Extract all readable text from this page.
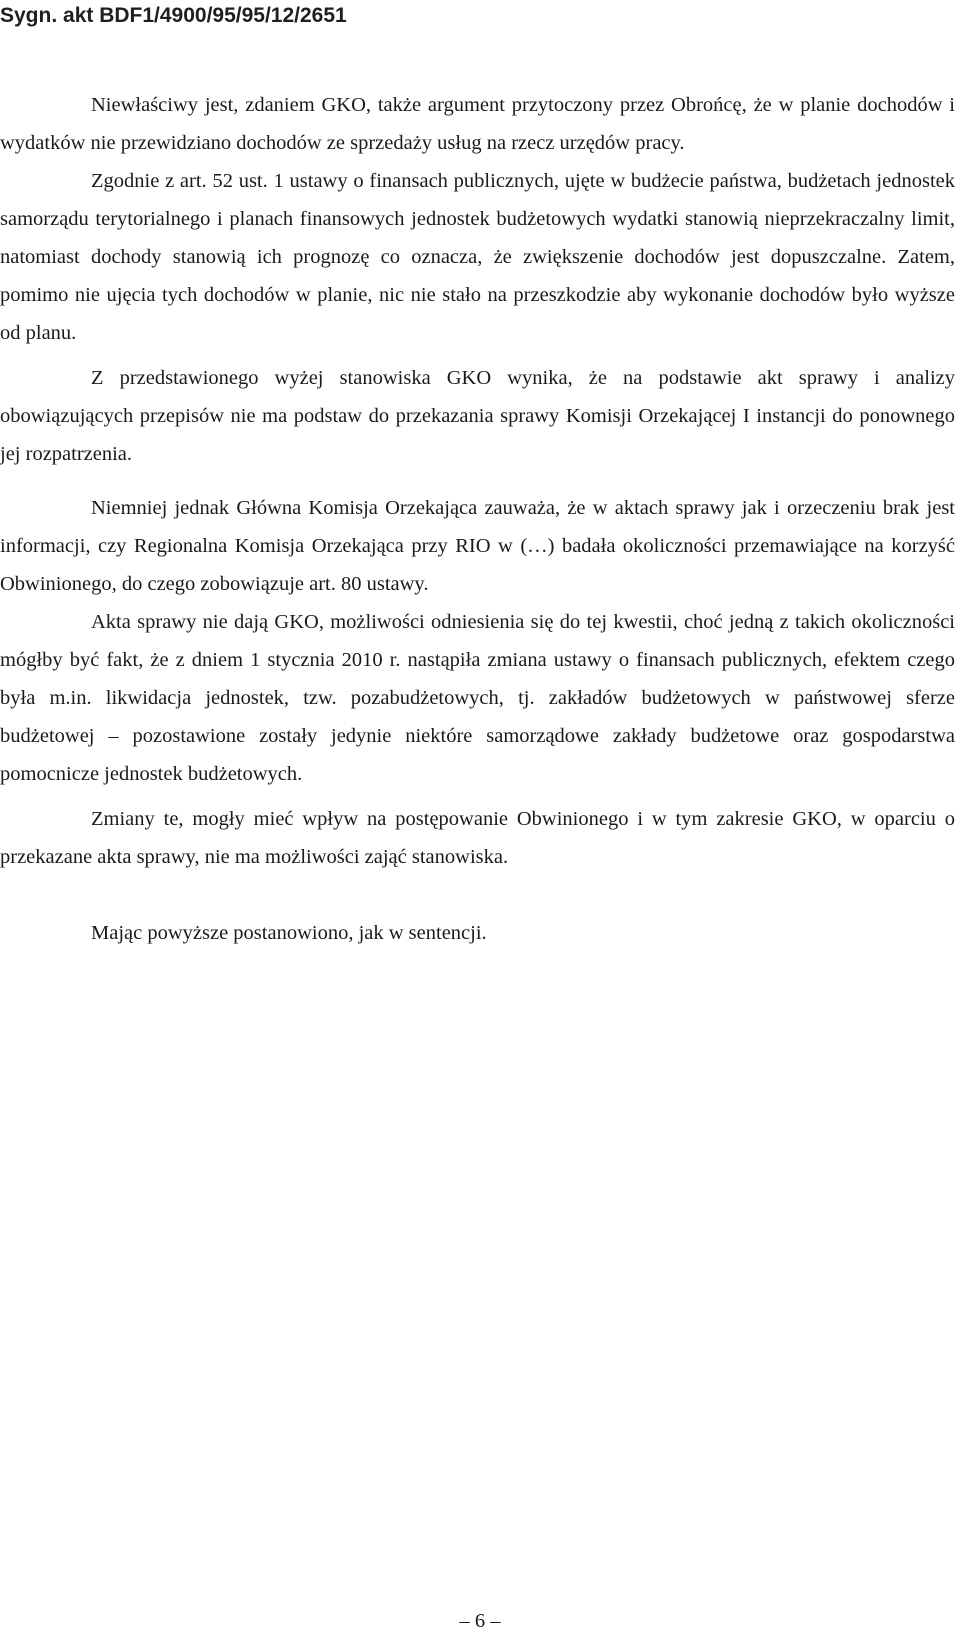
Sygn. akt BDF1/4900/95/95/12/2651

Niewłaściwy jest, zdaniem GKO, także argument przytoczony przez Obrońcę, że w planie dochodów i wydatków nie przewidziano dochodów ze sprzedaży usług na rzecz urzędów pracy.

Zgodnie z art. 52 ust. 1 ustawy o finansach publicznych, ujęte w budżecie państwa, budżetach jednostek samorządu terytorialnego i planach finansowych jednostek budżetowych wydatki stanowią nieprzekraczalny limit, natomiast dochody stanowią ich prognozę co oznacza, że zwiększenie dochodów jest dopuszczalne. Zatem, pomimo nie ujęcia tych dochodów w planie, nic nie stało na przeszkodzie aby wykonanie dochodów było wyższe od planu.

Z przedstawionego wyżej stanowiska GKO wynika, że na podstawie akt sprawy i analizy obowiązujących przepisów nie ma podstaw do przekazania sprawy Komisji Orzekającej I instancji do ponownego jej rozpatrzenia.

Niemniej jednak Główna Komisja Orzekająca zauważa, że w aktach sprawy jak i orzeczeniu brak jest informacji, czy Regionalna Komisja Orzekająca przy RIO w (…) badała okoliczności przemawiające na korzyść Obwinionego, do czego zobowiązuje art. 80 ustawy.

Akta sprawy nie dają GKO, możliwości odniesienia się do tej kwestii, choć jedną z takich okoliczności mógłby być fakt, że z dniem 1 stycznia 2010 r. nastąpiła zmiana ustawy o finansach publicznych, efektem czego była m.in. likwidacja jednostek, tzw. pozabudżetowych, tj. zakładów budżetowych w państwowej sferze budżetowej – pozostawione zostały jedynie niektóre samorządowe zakłady budżetowe oraz gospodarstwa pomocnicze jednostek budżetowych.

Zmiany te, mogły mieć wpływ na postępowanie Obwinionego i w tym zakresie GKO, w oparciu o przekazane akta sprawy, nie ma możliwości zająć stanowiska.

Mając powyższe postanowiono, jak w sentencji.

– 6 –
